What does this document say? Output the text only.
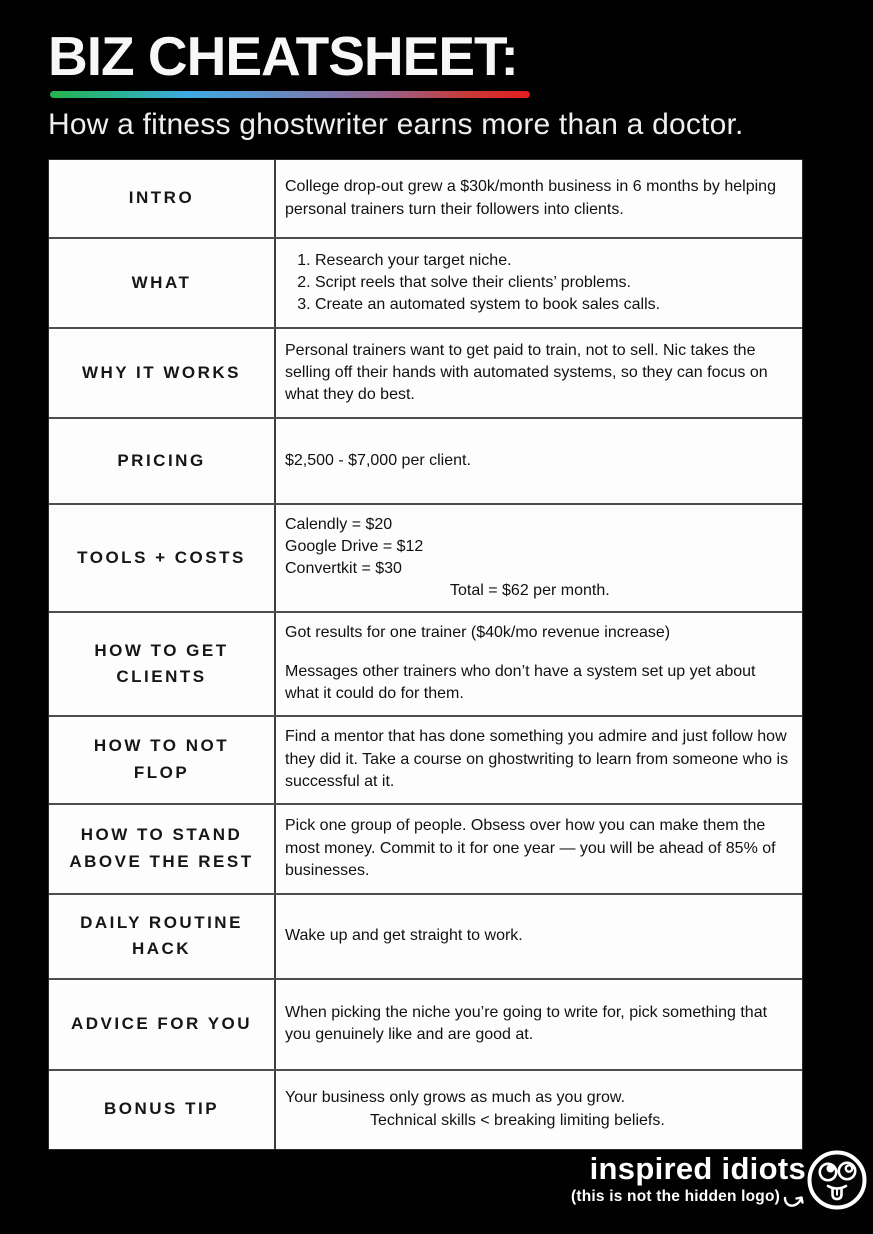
BIZ CHEATSHEET:
How a fitness ghostwriter earns more than a doctor.
INTRO

College drop-out grew a $30k/month business in 6 months by helping personal trainers turn their followers into clients.

WHAT
1. Research your target niche.
2. Script reels that solve their clients’ problems.
3. Create an automated system to book sales calls.
WHY IT WORKS

Personal trainers want to get paid to train, not to sell. Nic takes the selling off their hands with automated systems, so they can focus on what they do best.

PRICING	$2,500 - $7,000 per client.

TOOLS + COSTS

Calendly = $20

Google Drive = $12

Convertkit = $30

Total = $62 per month.

HOW TO GET CLIENTS

Got results for one trainer ($40k/mo revenue increase)

Messages other trainers who don’t have a system set up yet about what it could do for them.

HOW TO NOT FLOP

Find a mentor that has done something you admire and just follow how they did it. Take a course on ghostwriting to learn from someone who is successful at it.

HOW TO STAND ABOVE THE REST

Pick one group of people. Obsess over how you can make them the most money. Commit to it for one year — you will be ahead of 85% of businesses.

DAILY ROUTINE HACK

Wake up and get straight to work.

ADVICE FOR YOU

When picking the niche you’re going to write for, pick something that you genuinely like and are good at.

BONUS TIP

Your business only grows as much as you grow.

Technical skills < breaking limiting beliefs.

inspired idiots
(this is not the hidden logo)
